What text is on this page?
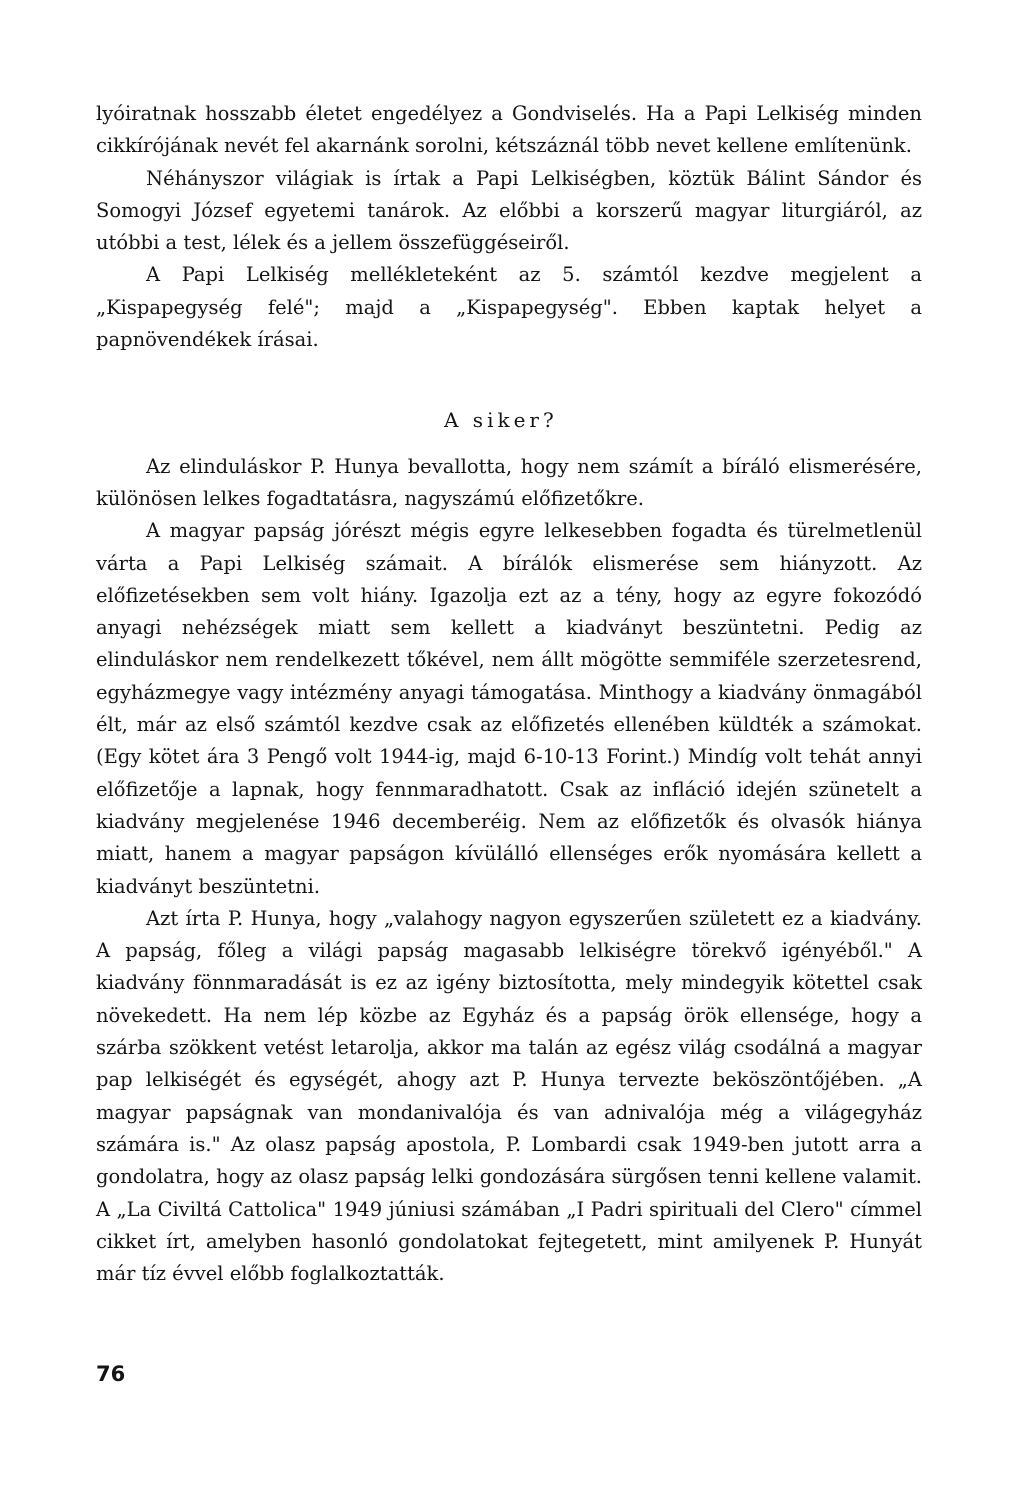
lyóiratnak hosszabb életet engedélyez a Gondviselés. Ha a Papi Lelkiség minden cikkírójának nevét fel akarnánk sorolni, kétszáznál több nevet kellene említenünk.

Néhányszor világiak is írtak a Papi Lelkiségben, köztük Bálint Sándor és Somogyi József egyetemi tanárok. Az előbbi a korszerű magyar liturgiáról, az utóbbi a test, lélek és a jellem összefüggéseiről.

A Papi Lelkiség mellékleteként az 5. számtól kezdve megjelent a „Kispapegység felé"; majd a „Kispapegység". Ebben kaptak helyet a papnövendékek írásai.

A siker?

Az elinduláskor P. Hunya bevallotta, hogy nem számít a bíráló elismerésére, különösen lelkes fogadtatásra, nagyszámú előfizetőkre.

A magyar papság jórészt mégis egyre lelkesebben fogadta és türelmetlenül várta a Papi Lelkiség számait. A bírálók elismerése sem hiányzott. Az előfizetésekben sem volt hiány. Igazolja ezt az a tény, hogy az egyre fokozódó anyagi nehézségek miatt sem kellett a kiadványt beszüntetni. Pedig az elinduláskor nem rendelkezett tőkével, nem állt mögötte semmiféle szerzetesrend, egyházmegye vagy intézmény anyagi támogatása. Minthogy a kiadvány önmagából élt, már az első számtól kezdve csak az előfizetés ellenében küldték a számokat. (Egy kötet ára 3 Pengő volt 1944-ig, majd 6-10-13 Forint.) Mindíg volt tehát annyi előfizetője a lapnak, hogy fennmaradhatott. Csak az infláció idején szünetelt a kiadvány megjelenése 1946 decemberéig. Nem az előfizetők és olvasók hiánya miatt, hanem a magyar papságon kívülálló ellenséges erők nyomására kellett a kiadványt beszüntetni.

Azt írta P. Hunya, hogy „valahogy nagyon egyszerűen született ez a kiadvány. A papság, főleg a világi papság magasabb lelkiségre törekvő igényéből." A kiadvány fönnmaradását is ez az igény biztosította, mely mindegyik kötettel csak növekedett. Ha nem lép közbe az Egyház és a papság örök ellensége, hogy a szárba szökkent vetést letarolja, akkor ma talán az egész világ csodálná a magyar pap lelkiségét és egységét, ahogy azt P. Hunya tervezte beköszöntőjében. „A magyar papságnak van mondanivalója és van adnivalója még a világegyház számára is." Az olasz papság apostola, P. Lombardi csak 1949-ben jutott arra a gondolatra, hogy az olasz papság lelki gondozására sürgősen tenni kellene valamit. A „La Civiltá Cattolica" 1949 júniusi számában „I Padri spirituali del Clero" címmel cikket írt, amelyben hasonló gondolatokat fejtegetett, mint amilyenek P. Hunyát már tíz évvel előbb foglalkoztatták.

76
